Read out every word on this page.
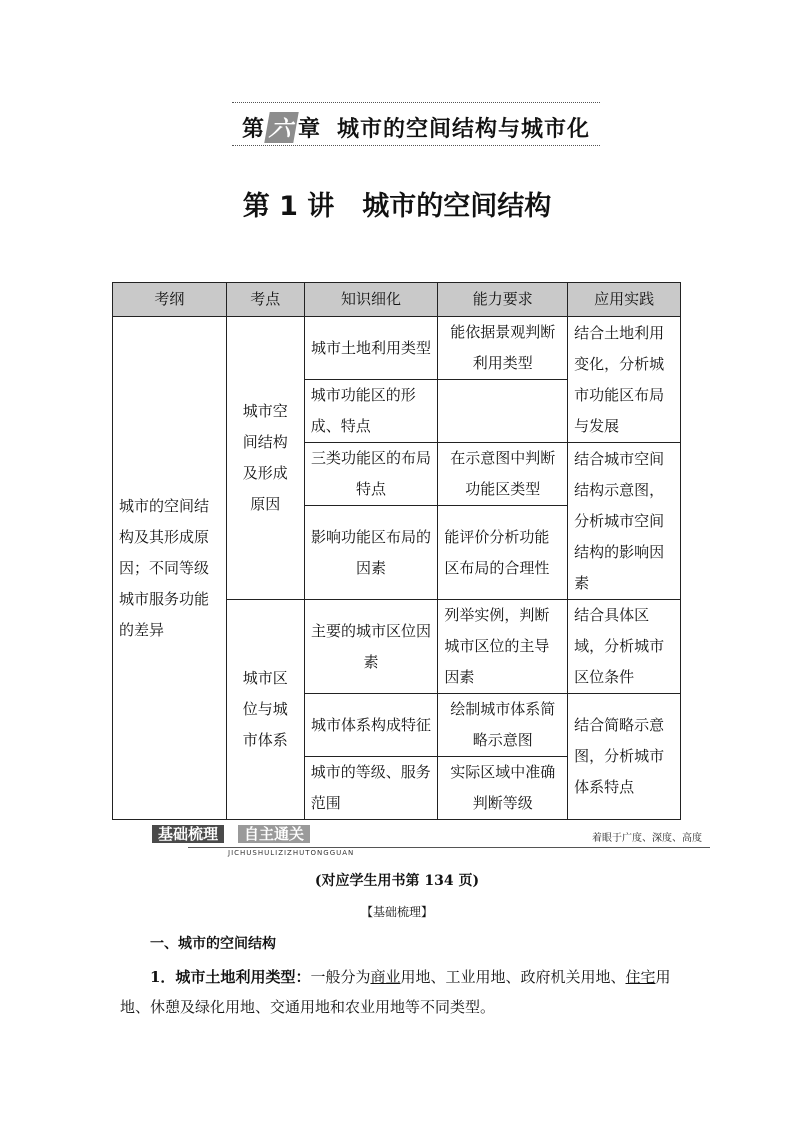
第 六 章 城市的空间结构与城市化
第 1 讲 城市的空间结构
考纲	考点	知识细化	能力要求	应用实践
城市的空间结构及其形成原因；不同等级城市服务功能的差异	城市空间结构及形成原因	城市土地利用类型	能依据景观判断利用类型	结合土地利用变化，分析城市功能区布局与发展
		城市功能区的形成、特点		
		三类功能区的布局特点	在示意图中判断功能区类型	结合城市空间结构示意图，分析城市空间结构的影响因素
		影响功能区布局的因素	能评价分析功能区布局的合理性	
	城市区位与城市体系	主要的城市区位因素	列举实例，判断城市区位的主导因素	结合具体区域，分析城市区位条件
		城市体系构成特征	绘制城市体系简略示意图	结合简略示意图，分析城市体系特点
		城市的等级、服务范围	实际区域中准确判断等级	
基础梳理	自主通关
JICHUSHULIZIZHUTONGGUAN
着眼于广度、深度、高度
(对应学生用书第 134 页)
【基础梳理】
一、城市的空间结构
1．城市土地利用类型：一般分为商业用地、工业用地、政府机关用地、住宅用地、休憩及绿化用地、交通用地和农业用地等不同类型。
